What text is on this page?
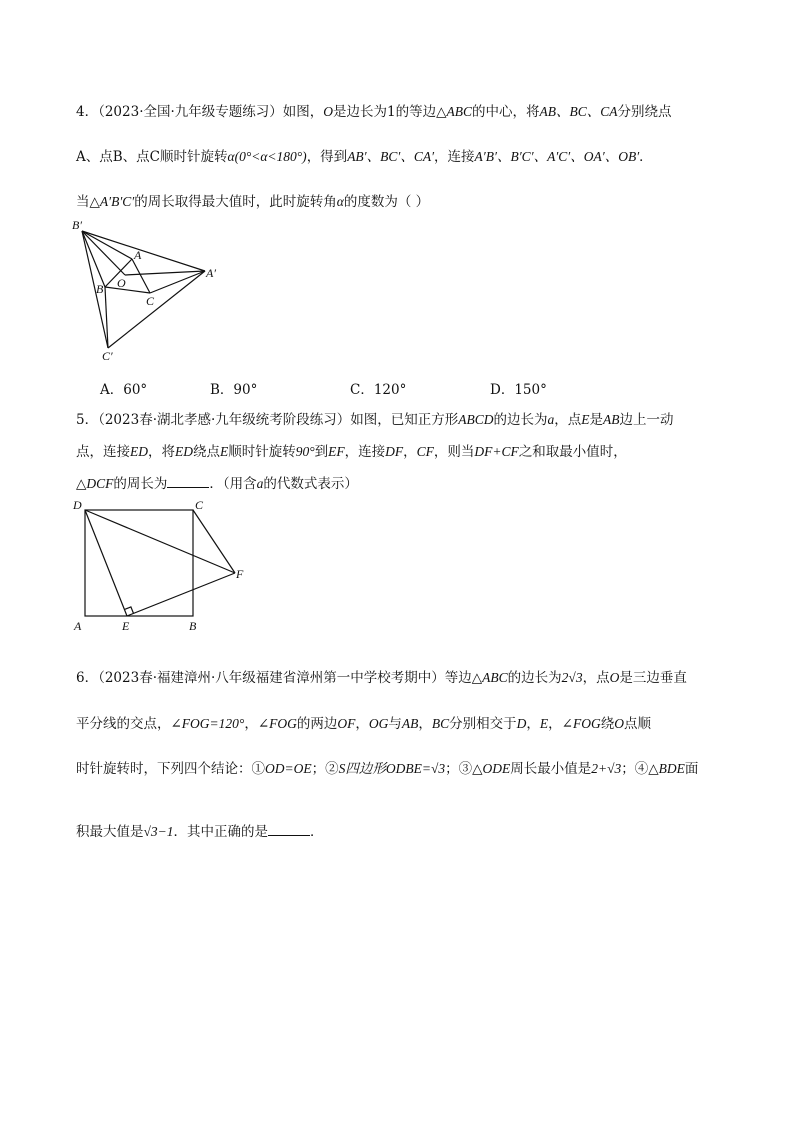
4．（2023·全国·九年级专题练习）如图，O是边长为1的等边△ABC的中心，将AB、BC、CA分别绕点
A、点B、点C顺时针旋转α(0°<α<180°)，得到AB′、BC′、CA′，连接A′B′、B′C′、A′C′、OA′、OB′．
当△A′B′C′的周长取得最大值时，此时旋转角α的度数为（ ）
B′
A
O
B
C
A′
C′
A．60°	B．90°	C．120°	D．150°
5．（2023春·湖北孝感·九年级统考阶段练习）如图，已知正方形ABCD的边长为a，点E是AB边上一动
点，连接ED，将ED绕点E顺时针旋转90°到EF，连接DF，CF，则当DF+CF之和取最小值时，
△DCF的周长为	．（用含a的代数式表示）
D	C
F
A	E	B
6．（2023春·福建漳州·八年级福建省漳州第一中学校考期中）等边△ABC的边长为2√3，点O是三边垂直
平分线的交点，∠FOG=120°，∠FOG的两边OF，OG与AB，BC分别相交于D，E，∠FOG绕O点顺
时针旋转时，下列四个结论：①OD=OE；②S四边形ODBE=√3；③△ODE周长最小值是2+√3；④△BDE面
积最大值是√3−1．其中正确的是	．
